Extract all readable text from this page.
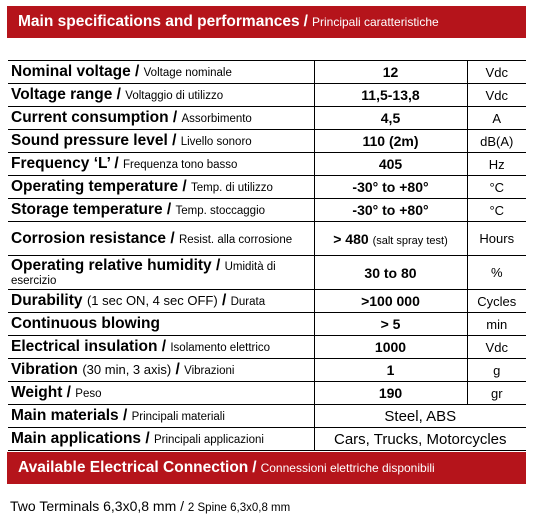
Main specifications and performances / Principali caratteristiche
Nominal voltage / Voltage nominale	12	Vdc
Voltage range / Voltaggio di utilizzo	11,5-13,8	Vdc
Current consumption / Assorbimento	4,5	A
Sound pressure level / Livello sonoro	110 (2m)	dB(A)
Frequency ‘L’ / Frequenza tono basso	405	Hz
Operating temperature / Temp. di utilizzo	-30° to +80°	°C
Storage temperature / Temp. stoccaggio	-30° to +80°	°C
Corrosion resistance / Resist. alla corrosione	> 480 (salt spray test)	Hours
Operating relative humidity / Umidità di esercizio	30 to 80	%
Durability (1 sec ON, 4 sec OFF) / Durata	>100 000	Cycles
Continuous blowing	> 5	min
Electrical insulation / Isolamento elettrico	1000	Vdc
Vibration (30 min, 3 axis) / Vibrazioni	1	g
Weight / Peso	190	gr
Main materials / Principali materiali	Steel, ABS	
Main applications / Principali applicazioni	Cars, Trucks, Motorcycles	
Available Electrical Connection / Connessioni elettriche disponibili
Two Terminals 6,3x0,8 mm / 2 Spine 6,3x0,8 mm
